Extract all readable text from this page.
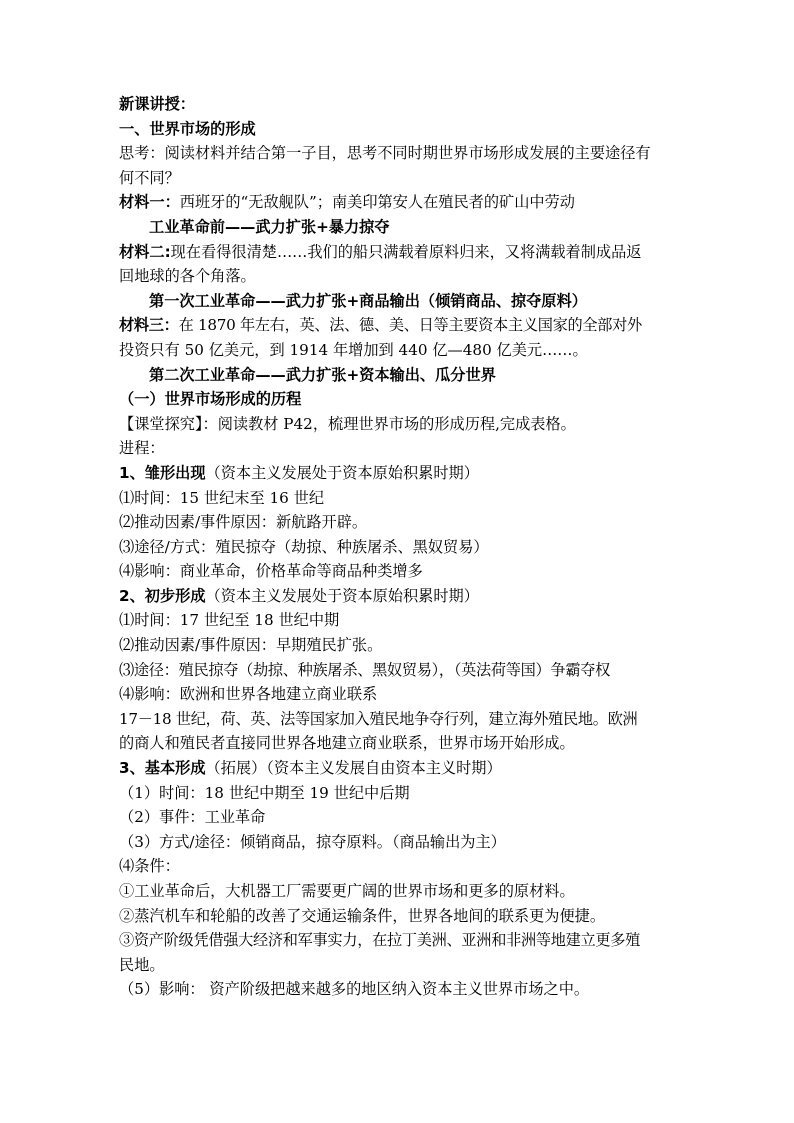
新课讲授：
一、世界市场的形成
思考：阅读材料并结合第一子目，思考不同时期世界市场形成发展的主要途径有
何不同？
材料一：西班牙的“无敌舰队”；南美印第安人在殖民者的矿山中劳动
工业革命前——武力扩张+暴力掠夺
材料二:现在看得很清楚……我们的船只满载着原料归来，又将满载着制成品返
回地球的各个角落。
第一次工业革命——武力扩张+商品输出（倾销商品、掠夺原料）
材料三：在 1870 年左右，英、法、德、美、日等主要资本主义国家的全部对外
投资只有 50 亿美元，到 1914 年增加到 440 亿—480 亿美元……。
第二次工业革命——武力扩张+资本输出、瓜分世界
（一）世界市场形成的历程
【课堂探究】：阅读教材 P42，梳理世界市场的形成历程,完成表格。
进程：
1、雏形出现（资本主义发展处于资本原始积累时期）
⑴时间：15 世纪末至 16 世纪
⑵推动因素/事件原因：新航路开辟。
⑶途径/方式：殖民掠夺（劫掠、种族屠杀、黑奴贸易）
⑷影响：商业革命，价格革命等商品种类增多
2、初步形成（资本主义发展处于资本原始积累时期）
⑴时间：17 世纪至 18 世纪中期
⑵推动因素/事件原因：早期殖民扩张。
⑶途径：殖民掠夺（劫掠、种族屠杀、黑奴贸易），（英法荷等国）争霸夺权
⑷影响：欧洲和世界各地建立商业联系
17－18 世纪，荷、英、法等国家加入殖民地争夺行列，建立海外殖民地。欧洲
的商人和殖民者直接同世界各地建立商业联系，世界市场开始形成。
3、基本形成（拓展）（资本主义发展自由资本主义时期）
（1）时间：18 世纪中期至 19 世纪中后期
（2）事件：工业革命
（3）方式/途径：倾销商品，掠夺原料。（商品输出为主）
⑷条件：
①工业革命后，大机器工厂需要更广阔的世界市场和更多的原材料。
②蒸汽机车和轮船的改善了交通运输条件，世界各地间的联系更为便捷。
③资产阶级凭借强大经济和军事实力，在拉丁美洲、亚洲和非洲等地建立更多殖
民地。
（5）影响： 资产阶级把越来越多的地区纳入资本主义世界市场之中。
